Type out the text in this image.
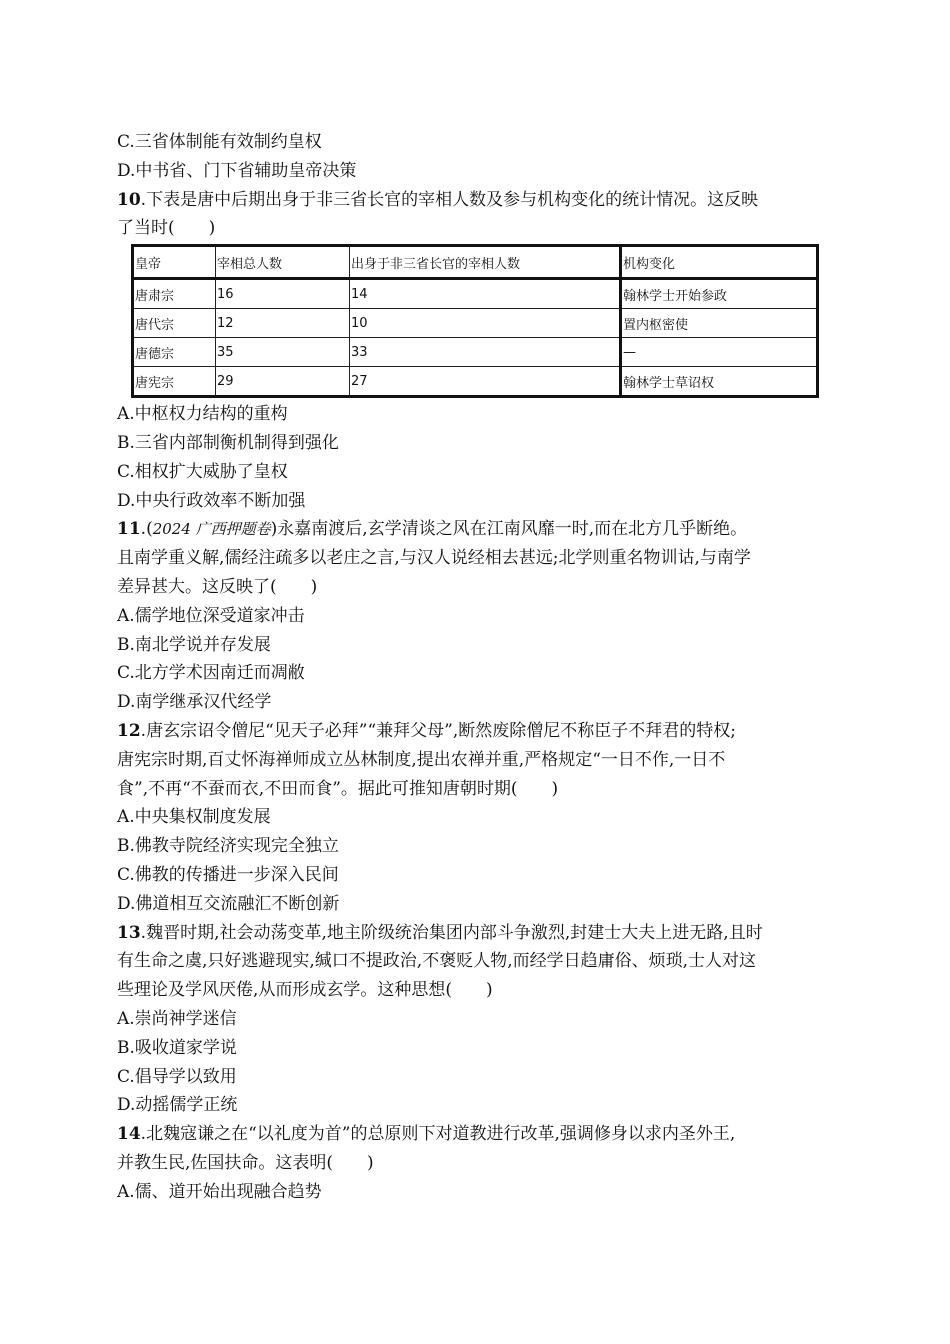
C.三省体制能有效制约皇权
D.中书省、门下省辅助皇帝决策
10.下表是唐中后期出身于非三省长官的宰相人数及参与机构变化的统计情况。这反映
了当时(　　)
皇帝	宰相总人数	出身于非三省长官的宰相人数	机构变化
唐肃宗	16	14	翰林学士开始参政
唐代宗	12	10	置内枢密使
唐德宗	35	33	—
唐宪宗	29	27	翰林学士草诏权
A.中枢权力结构的重构
B.三省内部制衡机制得到强化
C.相权扩大威胁了皇权
D.中央行政效率不断加强
11.(2024 广西押题卷)永嘉南渡后,玄学清谈之风在江南风靡一时,而在北方几乎断绝。
且南学重义解,儒经注疏多以老庄之言,与汉人说经相去甚远;北学则重名物训诂,与南学
差异甚大。这反映了(　　)
A.儒学地位深受道家冲击
B.南北学说并存发展
C.北方学术因南迁而凋敝
D.南学继承汉代经学
12.唐玄宗诏令僧尼“见天子必拜”“兼拜父母”,断然废除僧尼不称臣子不拜君的特权;
唐宪宗时期,百丈怀海禅师成立丛林制度,提出农禅并重,严格规定“一日不作,一日不
食”,不再“不蚕而衣,不田而食”。据此可推知唐朝时期(　　)
A.中央集权制度发展
B.佛教寺院经济实现完全独立
C.佛教的传播进一步深入民间
D.佛道相互交流融汇不断创新
13.魏晋时期,社会动荡变革,地主阶级统治集团内部斗争激烈,封建士大夫上进无路,且时
有生命之虞,只好逃避现实,缄口不提政治,不褒贬人物,而经学日趋庸俗、烦琐,士人对这
些理论及学风厌倦,从而形成玄学。这种思想(　　)
A.崇尚神学迷信
B.吸收道家学说
C.倡导学以致用
D.动摇儒学正统
14.北魏寇谦之在“以礼度为首”的总原则下对道教进行改革,强调修身以求内圣外王,
并教生民,佐国扶命。这表明(　　)
A.儒、道开始出现融合趋势
